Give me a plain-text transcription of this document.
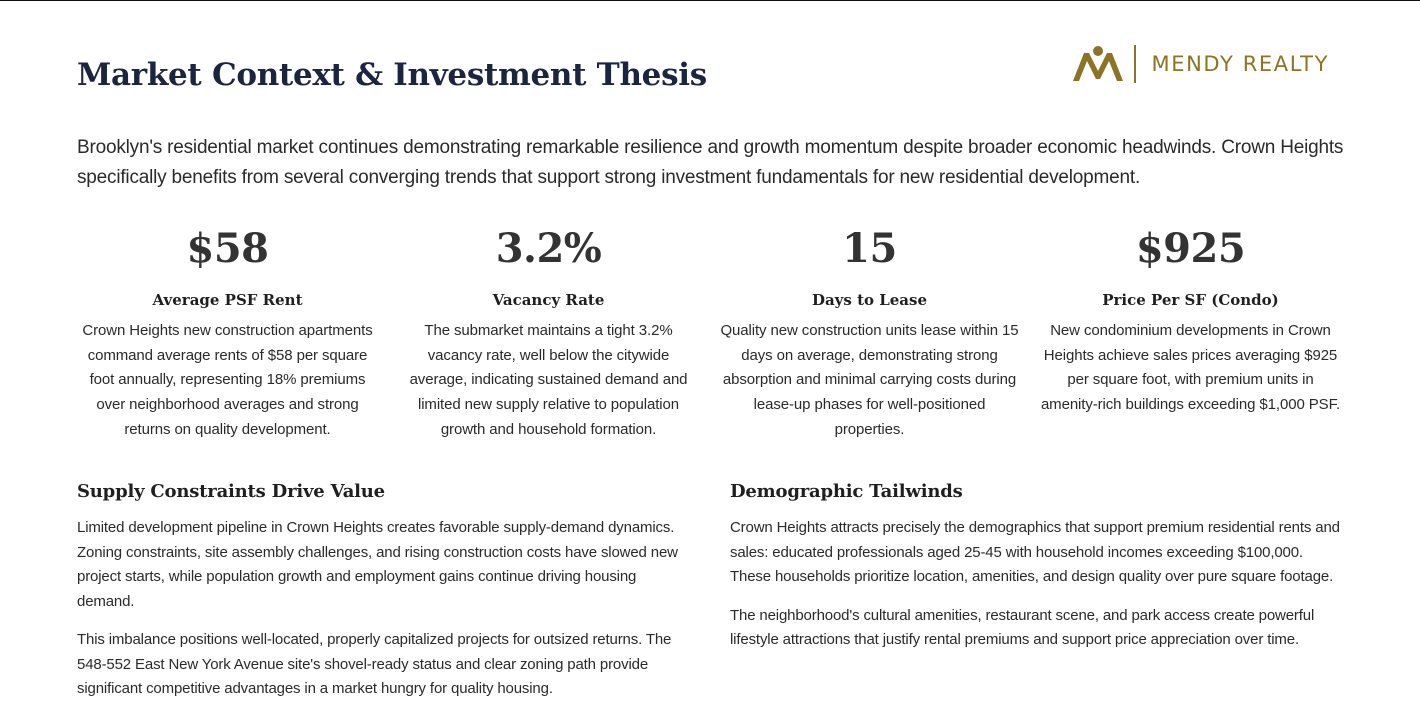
Market Context & Investment Thesis	MENDY REALTY

Brooklyn's residential market continues demonstrating remarkable resilience and growth momentum despite broader economic headwinds. Crown Heights specifically benefits from several converging trends that support strong investment fundamentals for new residential development.

$58
Average PSF Rent
Crown Heights new construction apartments command average rents of $58 per square foot annually, representing 18% premiums over neighborhood averages and strong returns on quality development.
3.2%
Vacancy Rate
The submarket maintains a tight 3.2% vacancy rate, well below the citywide average, indicating sustained demand and limited new supply relative to population growth and household formation.
15
Days to Lease
Quality new construction units lease within 15 days on average, demonstrating strong absorption and minimal carrying costs during lease-up phases for well-positioned properties.
$925
Price Per SF (Condo)
New condominium developments in Crown Heights achieve sales prices averaging $925 per square foot, with premium units in amenity-rich buildings exceeding $1,000 PSF.
Supply Constraints Drive Value

Limited development pipeline in Crown Heights creates favorable supply-demand dynamics. Zoning constraints, site assembly challenges, and rising construction costs have slowed new project starts, while population growth and employment gains continue driving housing demand.

This imbalance positions well-located, properly capitalized projects for outsized returns. The 548-552 East New York Avenue site's shovel-ready status and clear zoning path provide significant competitive advantages in a market hungry for quality housing.

Demographic Tailwinds

Crown Heights attracts precisely the demographics that support premium residential rents and sales: educated professionals aged 25-45 with household incomes exceeding $100,000. These households prioritize location, amenities, and design quality over pure square footage.

The neighborhood's cultural amenities, restaurant scene, and park access create powerful lifestyle attractions that justify rental premiums and support price appreciation over time.
